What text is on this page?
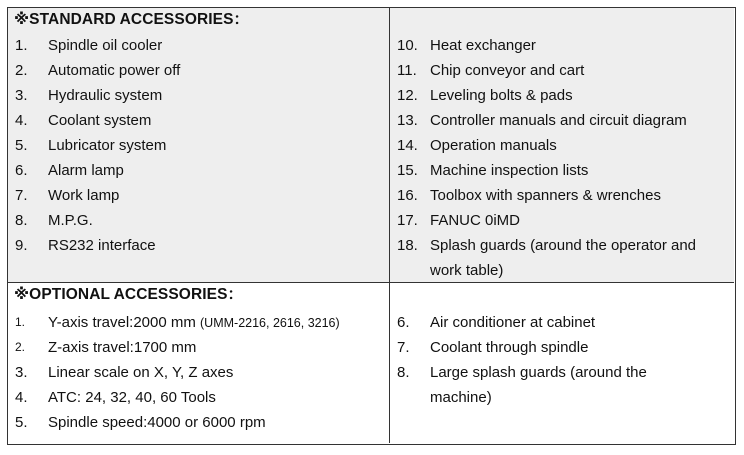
※STANDARD ACCESSORIES：
1. Spindle oil cooler
2. Automatic power off
3. Hydraulic system
4. Coolant system
5. Lubricator system
6. Alarm lamp
7. Work lamp
8. M.P.G.
9. RS232 interface
10. Heat exchanger
11. Chip conveyor and cart
12. Leveling bolts & pads
13. Controller manuals and circuit diagram
14. Operation manuals
15. Machine inspection lists
16. Toolbox with spanners & wrenches
17. FANUC 0iMD
18. Splash guards (around the operator and
work table)
※OPTIONAL ACCESSORIES：
1. Y-axis travel:2000 mm (UMM-2216, 2616, 3216)
2. Z-axis travel:1700 mm
3. Linear scale on X, Y, Z axes
4. ATC: 24, 32, 40, 60 Tools
5. Spindle speed:4000 or 6000 rpm
6. Air conditioner at cabinet
7. Coolant through spindle
8. Large splash guards (around the
machine)
